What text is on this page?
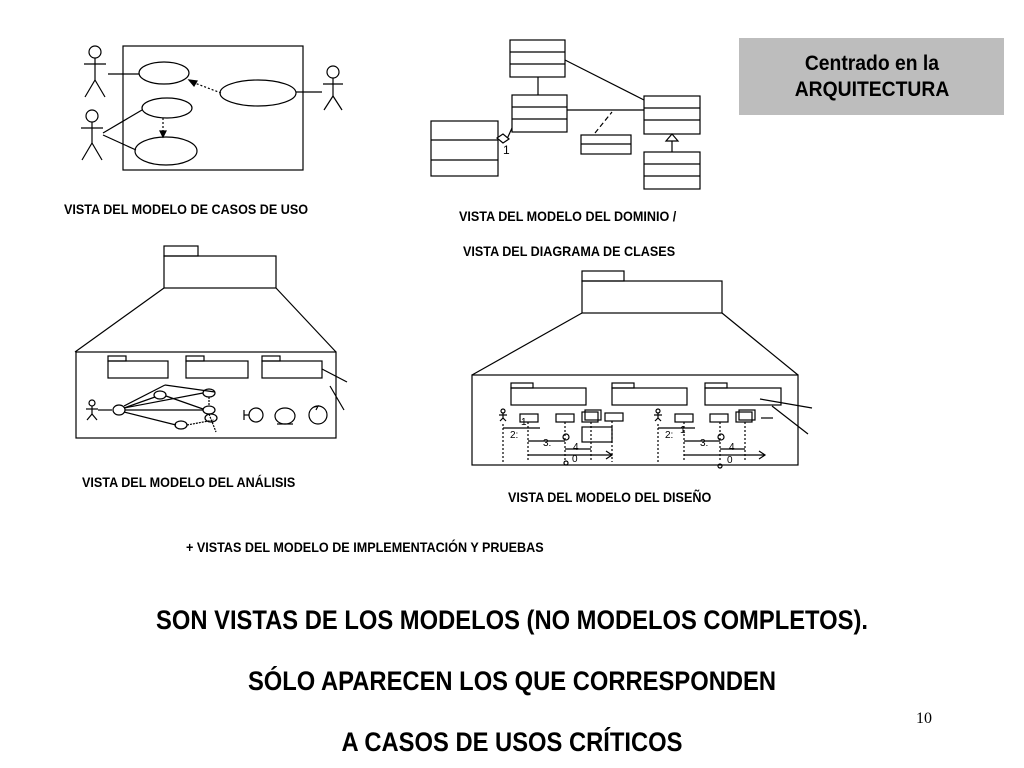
Centrado en la
ARQUITECTURA
1
1
2:
3: 4
0
1
2:
3: 4
0
VISTA DEL MODELO DE CASOS DE USO	VISTA DEL MODELO DEL DOMINIO /
VISTA DEL DIAGRAMA DE CLASES
VISTA DEL MODELO DEL ANÁLISIS
VISTA DEL MODELO DEL DISEÑO
+ VISTAS DEL MODELO DE IMPLEMENTACIÓN Y PRUEBAS
SON VISTAS DE LOS MODELOS (NO MODELOS COMPLETOS).
SÓLO APARECEN LOS QUE CORRESPONDEN
A CASOS DE USOS CRÍTICOS
10
